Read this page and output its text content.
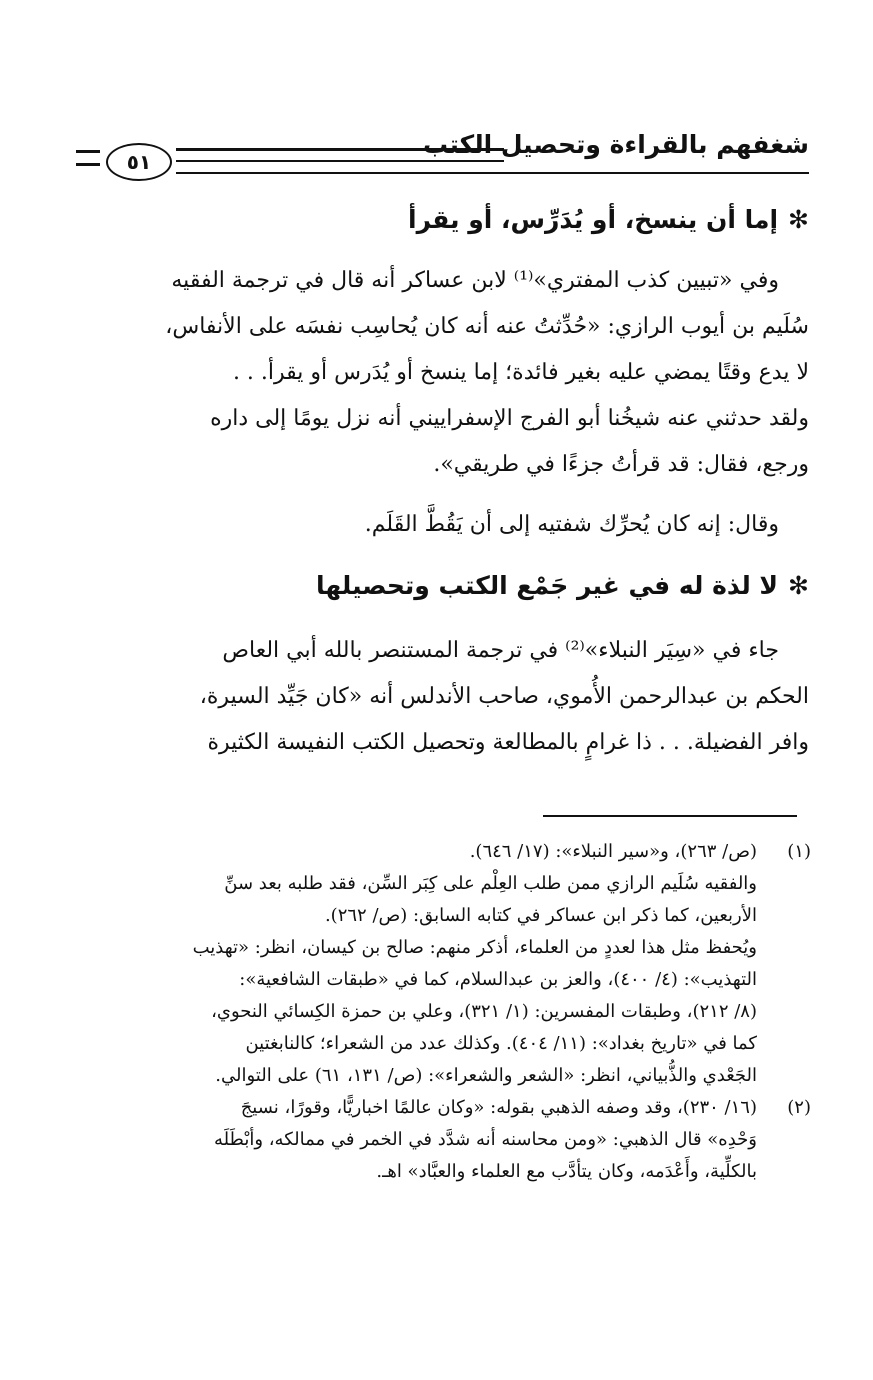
شغفهم بالقراءة وتحصيل الكتب
٥١
✻إما أن ينسخ، أو يُدَرِّس، أو يقرأ

وفي «تبيين كذب المفتري»⁽¹⁾ لابن عساكر أنه قال في ترجمة الفقيه

سُلَيم بن أيوب الرازي: «حُدِّثتُ عنه أنه كان يُحاسِب نفسَه على الأنفاس،

لا يدع وقتًا يمضي عليه بغير فائدة؛ إما ينسخ أو يُدَرس أو يقرأ. . .

ولقد حدثني عنه شيخُنا أبو الفرج الإسفراييني أنه نزل يومًا إلى داره

ورجع، فقال: قد قرأتُ جزءًا في طريقي».

وقال: إنه كان يُحرِّك شفتيه إلى أن يَقُطَّ القَلَم.

✻لا لذة له في غير جَمْع الكتب وتحصيلها

جاء في «سِيَر النبلاء»⁽²⁾ في ترجمة المستنصر بالله أبي العاص

الحكم بن عبدالرحمن الأُموي، صاحب الأندلس أنه «كان جَيِّد السيرة،

وافر الفضيلة. . . ذا غرامٍ بالمطالعة وتحصيل الكتب النفيسة الكثيرة

(١)

(ص/ ٢٦٣)، و«سير النبلاء»: (١٧/ ٦٤٦).

والفقيه سُلَيم الرازي ممن طلب العِلْم على كِبَر السِّن، فقد طلبه بعد سنِّ

الأربعين، كما ذكر ابن عساكر في كتابه السابق: (ص/ ٢٦٢).

ويُحفظ مثل هذا لعددٍ من العلماء، أذكر منهم: صالح بن كيسان، انظر: «تهذيب

التهذيب»: (٤/ ٤٠٠)، والعز بن عبدالسلام، كما في «طبقات الشافعية»:

(٨/ ٢١٢)، وطبقات المفسرين: (١/ ٣٢١)، وعلي بن حمزة الكِسائي النحوي،

كما في «تاريخ بغداد»: (١١/ ٤٠٤). وكذلك عدد من الشعراء؛ كالنابغتين

الجَعْدي والذُّبياني، انظر: «الشعر والشعراء»: (ص/ ١٣١، ٦١) على التوالي.

(٢)

(١٦/ ٢٣٠)، وقد وصفه الذهبي بقوله: «وكان عالمًا اخباريًّا، وقورًا، نسيجَ

وَحْدِه» قال الذهبي: «ومن محاسنه أنه شدَّد في الخمر في ممالكه، وأبْطَلَه

بالكلِّية، وأَعْدَمه، وكان يتأدَّب مع العلماء والعبَّاد» اهـ.
